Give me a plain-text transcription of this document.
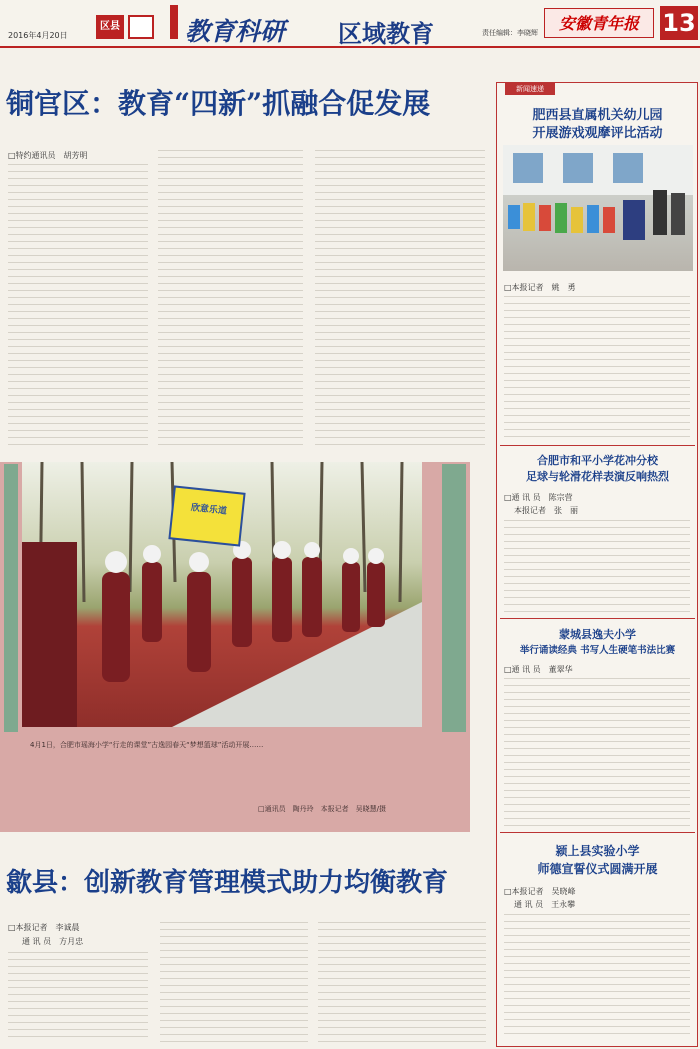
2016年4月20日
区县	教育科研 区域教育	责任编辑：李晓辉	安徽青年报 13
铜官区：教育“四新”抓融合促发展
□特约通讯员　胡芳明
欣意乐道
4月1日，合肥市瑶海小学“行走的课堂”古逸园春天“梦想篮球”活动开展……
□通讯员　陶丹玲　本报记者　吴晓慧/摄
歙县：创新教育管理模式助力均衡教育
□本报记者　李诚晨
通 讯 员　方月忠
新闻速递
肥西县直属机关幼儿园
开展游戏观摩评比活动
□本报记者　姚　勇
合肥市和平小学花冲分校
足球与轮滑花样表演反响热烈
□通 讯 员　陈宗营
本报记者　张　丽
蒙城县逸夫小学
举行诵读经典 书写人生硬笔书法比赛
□通 讯 员　董翠华
颍上县实验小学
师德宣誓仪式圆满开展
□本报记者　吴晓峰
通 讯 员　王永攀
